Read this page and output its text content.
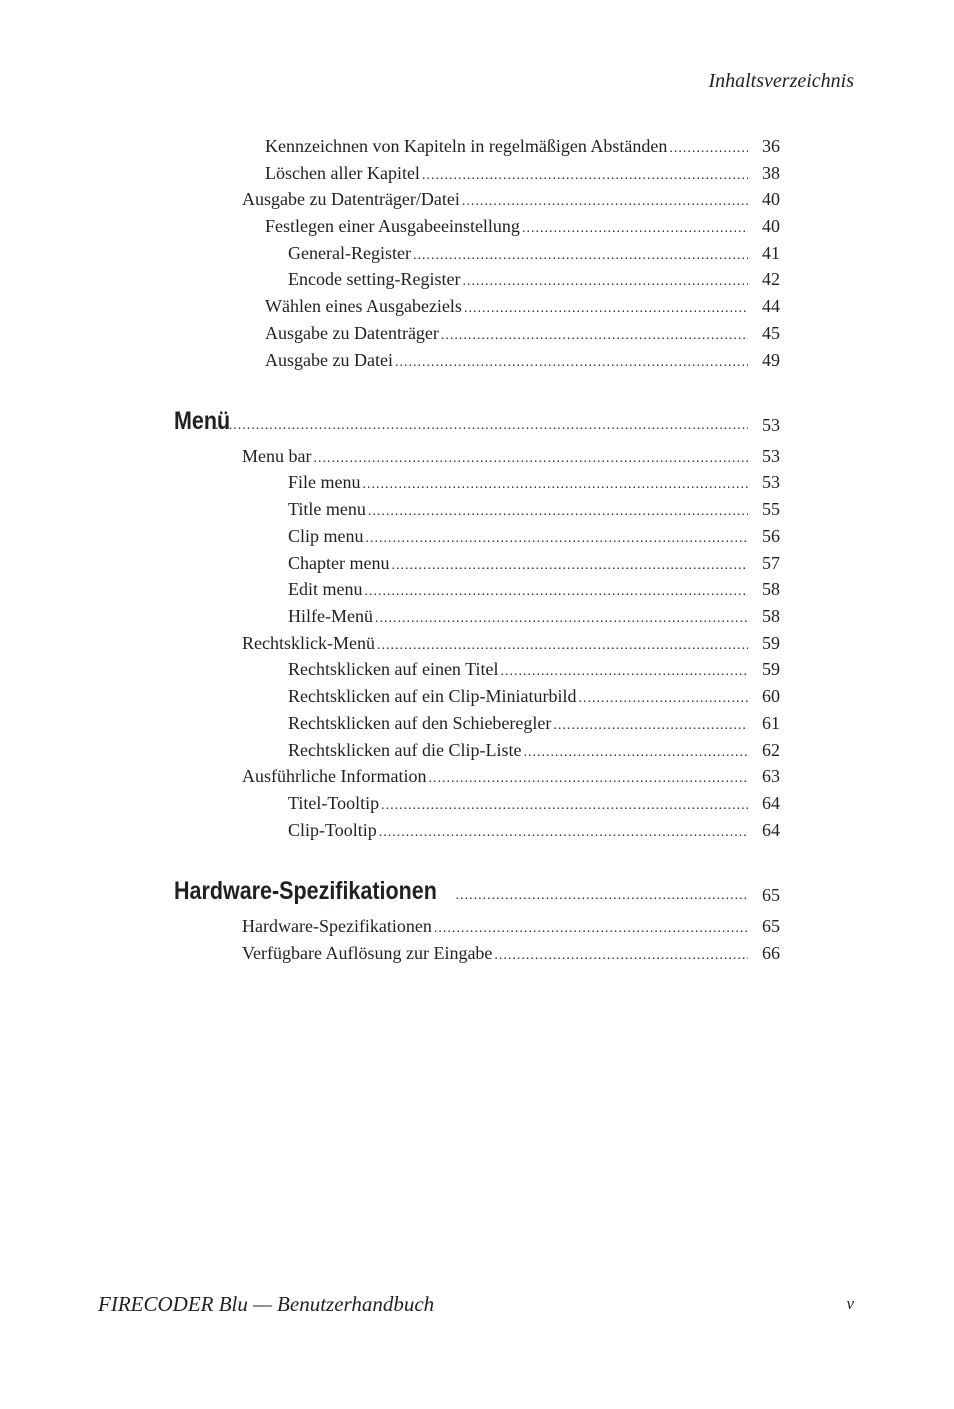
Inhaltsverzeichnis
Kennzeichnen von Kapiteln in regelmäßigen Abständen .....	36
Löschen aller Kapitel .....	38
Ausgabe zu Datenträger/Datei .....	40
Festlegen einer Ausgabeeinstellung .....	40
General-Register .....	41
Encode setting-Register .....	42
Wählen eines Ausgabeziels .....	44
Ausgabe zu Datenträger .....	45
Ausgabe zu Datei .....	49
Menü .....	53
Menu bar .....	53
File menu .....	53
Title menu .....	55
Clip menu .....	56
Chapter menu .....	57
Edit menu .....	58
Hilfe-Menü .....	58
Rechtsklick-Menü .....	59
Rechtsklicken auf einen Titel .....	59
Rechtsklicken auf ein Clip-Miniaturbild .....	60
Rechtsklicken auf den Schieberegler .....	61
Rechtsklicken auf die Clip-Liste .....	62
Ausführliche Information .....	63
Titel-Tooltip .....	64
Clip-Tooltip .....	64
Hardware-Spezifikationen .....	65
Hardware-Spezifikationen .....	65
Verfügbare Auflösung zur Eingabe .....	66
FIRECODER Blu — Benutzerhandbuch	v
